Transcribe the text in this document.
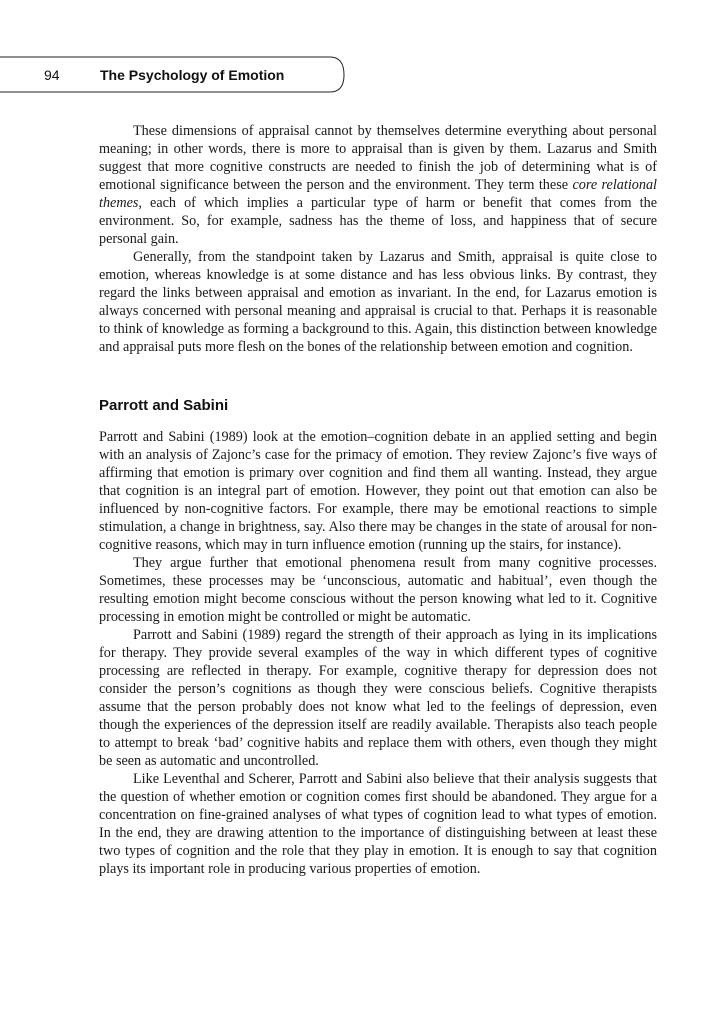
94	The Psychology of Emotion

These dimensions of appraisal cannot by themselves determine everything about personal meaning; in other words, there is more to appraisal than is given by them. Lazarus and Smith suggest that more cognitive constructs are needed to finish the job of determining what is of emotional significance between the person and the environment. They term these core relational themes, each of which implies a particular type of harm or benefit that comes from the environment. So, for example, sadness has the theme of loss, and happiness that of secure personal gain.

Generally, from the standpoint taken by Lazarus and Smith, appraisal is quite close to emotion, whereas knowledge is at some distance and has less obvious links. By contrast, they regard the links between appraisal and emotion as invariant. In the end, for Lazarus emotion is always concerned with personal meaning and appraisal is crucial to that. Perhaps it is reasonable to think of knowledge as forming a background to this. Again, this distinction between knowledge and appraisal puts more flesh on the bones of the relationship between emotion and cognition.

Parrott and Sabini

Parrott and Sabini (1989) look at the emotion–cognition debate in an applied setting and begin with an analysis of Zajonc’s case for the primacy of emotion. They review Zajonc’s five ways of affirming that emotion is primary over cognition and find them all wanting. Instead, they argue that cognition is an integral part of emotion. However, they point out that emotion can also be influenced by non-cognitive factors. For example, there may be emotional reactions to simple stimulation, a change in brightness, say. Also there may be changes in the state of arousal for non-cognitive reasons, which may in turn influence emotion (running up the stairs, for instance).

They argue further that emotional phenomena result from many cognitive processes. Sometimes, these processes may be ‘unconscious, automatic and habitual’, even though the resulting emotion might become conscious without the person knowing what led to it. Cognitive processing in emotion might be controlled or might be automatic.

Parrott and Sabini (1989) regard the strength of their approach as lying in its implications for therapy. They provide several examples of the way in which different types of cognitive processing are reflected in therapy. For example, cognitive therapy for depression does not consider the person’s cognitions as though they were conscious beliefs. Cognitive therapists assume that the person probably does not know what led to the feelings of depression, even though the experiences of the depression itself are readily available. Therapists also teach people to attempt to break ‘bad’ cognitive habits and replace them with others, even though they might be seen as automatic and uncontrolled.

Like Leventhal and Scherer, Parrott and Sabini also believe that their analysis suggests that the question of whether emotion or cognition comes first should be abandoned. They argue for a concentration on fine-grained analyses of what types of cognition lead to what types of emotion. In the end, they are drawing attention to the importance of distinguishing between at least these two types of cognition and the role that they play in emotion. It is enough to say that cognition plays its important role in producing various properties of emotion.
